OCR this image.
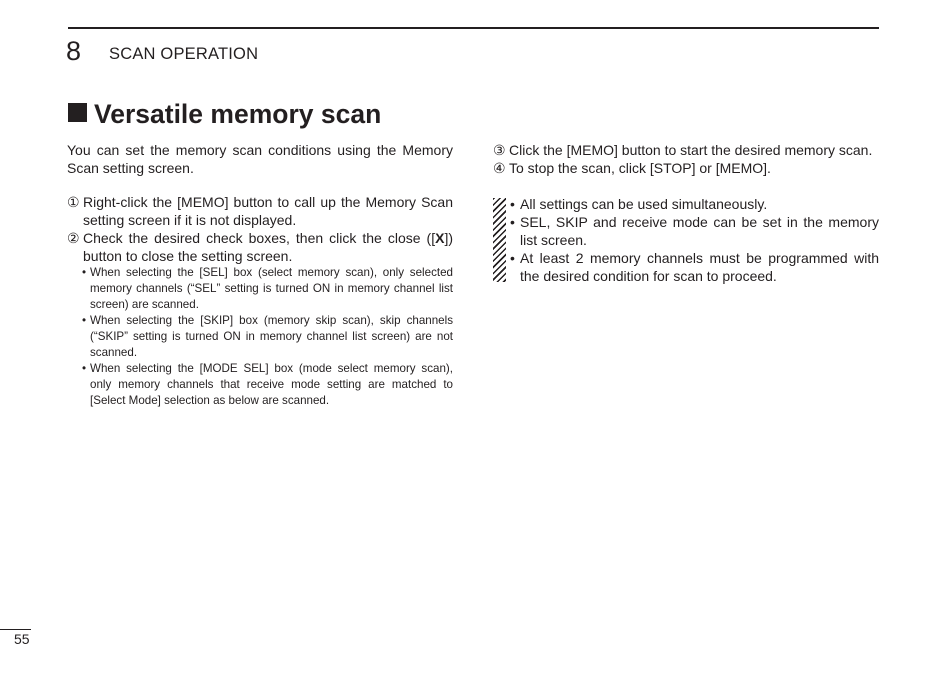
8 SCAN OPERATION
Versatile memory scan

You can set the memory scan conditions using the Memory Scan setting screen.

① Right-click the [MEMO] button to call up the Memory Scan setting screen if it is not displayed.
② Check the desired check boxes, then click the close ([X]) button to close the setting screen.
• When selecting the [SEL] box (select memory scan), only selected memory channels (“SEL” setting is turned ON in memory channel list screen) are scanned.
• When selecting the [SKIP] box (memory skip scan), skip channels (“SKIP” setting is turned ON in memory channel list screen) are not scanned.
• When selecting the [MODE SEL] box (mode select memory scan), only memory channels that receive mode setting are matched to [Select Mode] selection as below are scanned.
③ Click the [MEMO] button to start the desired memory scan.
④ To stop the scan, click [STOP] or [MEMO].
• All settings can be used simultaneously.
• SEL, SKIP and receive mode can be set in the memory list screen.
• At least 2 memory channels must be programmed with the desired condition for scan to proceed.
55
